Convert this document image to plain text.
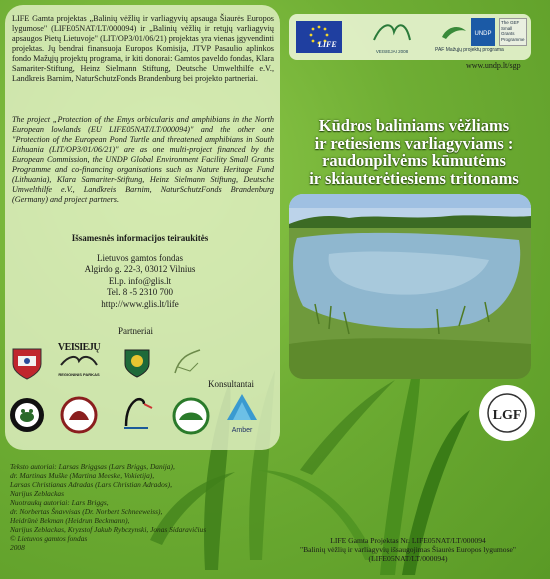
LIFE Gamta projektas „Balinių vėžlių ir varliagyvių apsauga Šiaurės Europos lygumose" (LIFE05NAT/LT/000094) ir „Balinių vėžlių ir retųjų varliagyvių apsaugos Pietų Lietuvoje" (LIT/OP3/01/06/21) projektas yra vienas įgyvendinti projektas. Jų bendrai finansuoja Europos Komisija, JTVP Pasaulio aplinkos fondo Mažųjų projektų programa, ir kiti donorai: Gamtos paveldo fondas, Klara Samariter-Stiftung, Heinz Sielmann Stiftung, Deutsche Umwelthilfe e.V., Landkreis Barnim, NaturSchutzFonds Brandenburg bei projekto partneriai.

The project „Protection of the Emys orbicularis and amphibians in the North European lowlands (EU LIFE05NAT/LT/000094)" and the other one "Protection of the European Pond Turtle and threatened amphibians in South Lithuania (LIT/OP3/01/06/21)" are as one multi-project financed by the European Commission, the UNDP Global Environment Facility Small Grants Programme and co-financing organisations such as Nature Heritage Fund (Lithuania), Klara Samariter-Stiftung, Heinz Sielmann Stiftung, Deutsche Umwelthilfe e.V., Landkreis Barnim, NaturSchutzFonds Brandenburg (Germany) and project partners.

Išsamesnės informacijos teiraukitės
Lietuvos gamtos fondas
Algirdo g. 22-3, 03012 Vilnius
El.p. info@glis.lt
Tel. 8 -5 2310 700
http://www.glis.lt/life
Partneriai
VEISIEJŲ
REGIONINIS PARKAS
Konsultantai
Amber
Teksto autoriai: Larsas Briggsas (Lars Briggs, Danija),
dr. Martinas Muške (Martina Meeske, Vokietija),
Larsas Christianas Adradas (Lars Christian Adrados),
Narijus Zeblackas
Nuotraukų autoriai: Lars Briggs,
dr. Norbertas Šnavvisas (Dr. Norbert Schneeweiss),
Heidrūnė Bekman (Heidrun Beckmann),
Narijus Zeblackas, Kryzstof Jakub Rybczynski, Jonas Sidaravičius
© Lietuvos gamtos fondas
2008
LIFE
VEISIEJAI 2008
UNDP
The GEF Small Grants Programme
PAF Mažųjų projektų programa
www.undp.lt/sgp
Kūdros baliniams vėžliams
ir retiesiems varliagyviams :
raudonpilvėms kūmutėms
ir skiauterėtiesiems tritonams
LGF
LIFE Gamta Projektas Nr. LIFE05NAT/LT/000094
"Balinių vėžlių ir varliagyvių išsaugojimas Šiaurės Europos lygumose"
(LIFE05NAT/LT/000094)
